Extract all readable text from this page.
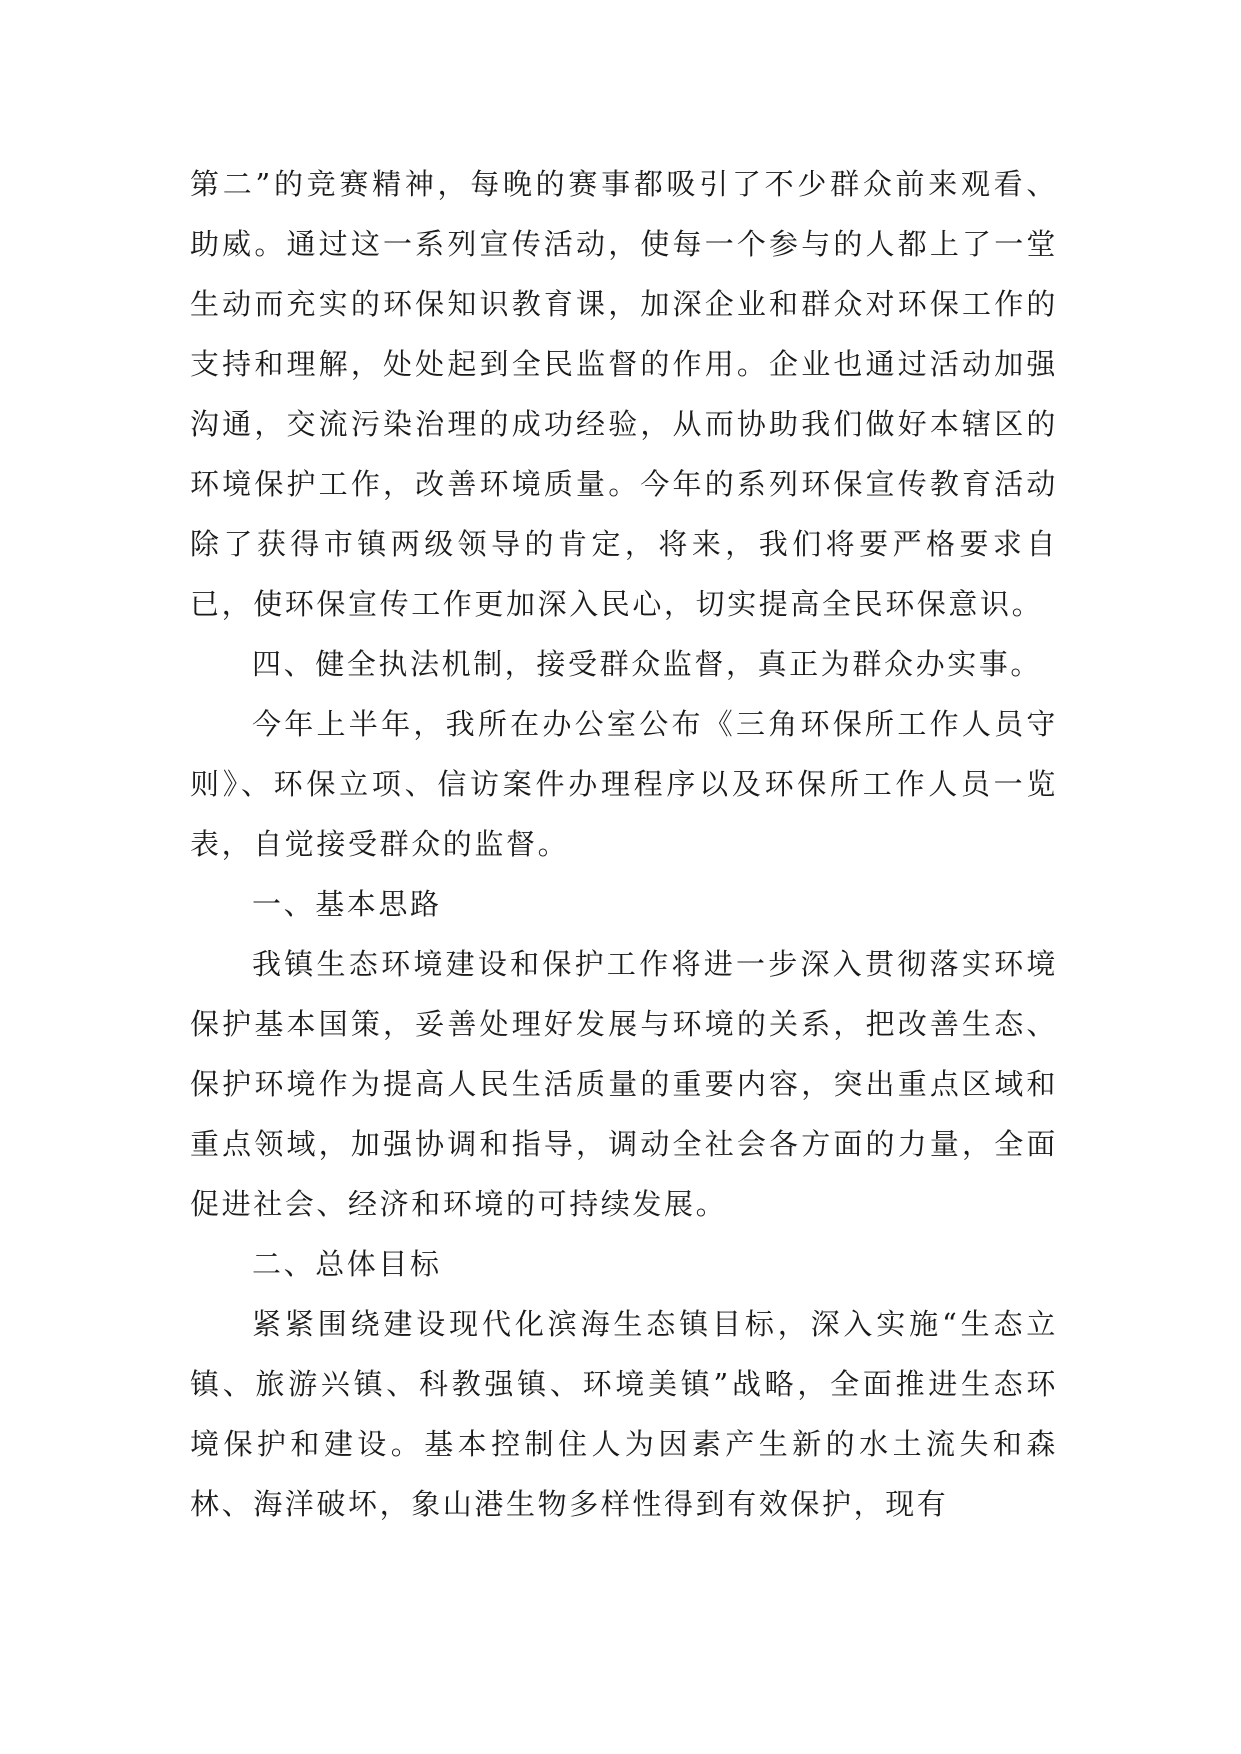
第二”的竞赛精神，每晚的赛事都吸引了不少群众前来观看、助威。通过这一系列宣传活动，使每一个参与的人都上了一堂生动而充实的环保知识教育课，加深企业和群众对环保工作的支持和理解，处处起到全民监督的作用。企业也通过活动加强沟通，交流污染治理的成功经验，从而协助我们做好本辖区的环境保护工作，改善环境质量。今年的系列环保宣传教育活动除了获得市镇两级领导的肯定，将来，我们将要严格要求自已，使环保宣传工作更加深入民心，切实提高全民环保意识。

四、健全执法机制，接受群众监督，真正为群众办实事。

今年上半年，我所在办公室公布《三角环保所工作人员守则》、环保立项、信访案件办理程序以及环保所工作人员一览表，自觉接受群众的监督。

一、基本思路

我镇生态环境建设和保护工作将进一步深入贯彻落实环境保护基本国策，妥善处理好发展与环境的关系，把改善生态、保护环境作为提高人民生活质量的重要内容，突出重点区域和重点领域，加强协调和指导，调动全社会各方面的力量，全面促进社会、经济和环境的可持续发展。

二、总体目标

紧紧围绕建设现代化滨海生态镇目标，深入实施“生态立镇、旅游兴镇、科教强镇、环境美镇”战略，全面推进生态环境保护和建设。基本控制住人为因素产生新的水土流失和森林、海洋破坏，象山港生物多样性得到有效保护，现有
